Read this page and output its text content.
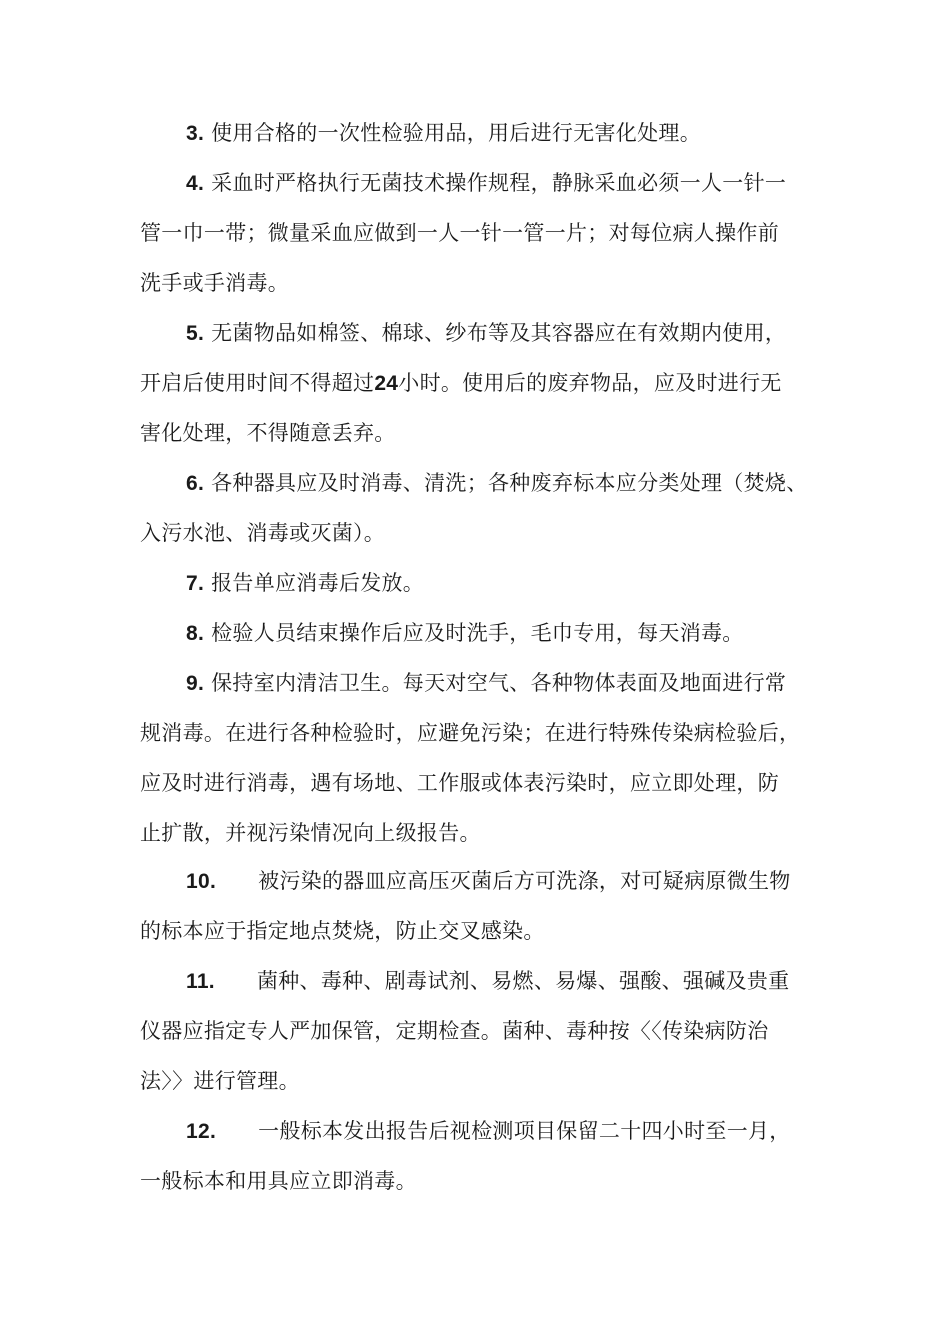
3. 使用合格的一次性检验用品，用后进行无害化处理。
4. 采血时严格执行无菌技术操作规程，静脉采血必须一人一针一
管一巾一带；微量采血应做到一人一针一管一片；对每位病人操作前
洗手或手消毒。
5. 无菌物品如棉签、棉球、纱布等及其容器应在有效期内使用，
开启后使用时间不得超过24小时。使用后的废弃物品，应及时进行无
害化处理，不得随意丢弃。
6. 各种器具应及时消毒、清洗；各种废弃标本应分类处理（焚烧、
入污水池、消毒或灭菌）。
7. 报告单应消毒后发放。
8. 检验人员结束操作后应及时洗手，毛巾专用，每天消毒。
9. 保持室内清洁卫生。每天对空气、各种物体表面及地面进行常
规消毒。在进行各种检验时，应避免污染；在进行特殊传染病检验后，
应及时进行消毒，遇有场地、工作服或体表污染时，应立即处理，防
止扩散，并视污染情况向上级报告。
10. 被污染的器皿应高压灭菌后方可洗涤，对可疑病原微生物
的标本应于指定地点焚烧，防止交叉感染。
11. 菌种、毒种、剧毒试剂、易燃、易爆、强酸、强碱及贵重
仪器应指定专人严加保管，定期检查。菌种、毒种按〈〈传染病防治
法〉〉进行管理。
12. 一般标本发出报告后视检测项目保留二十四小时至一月，
一般标本和用具应立即消毒。
